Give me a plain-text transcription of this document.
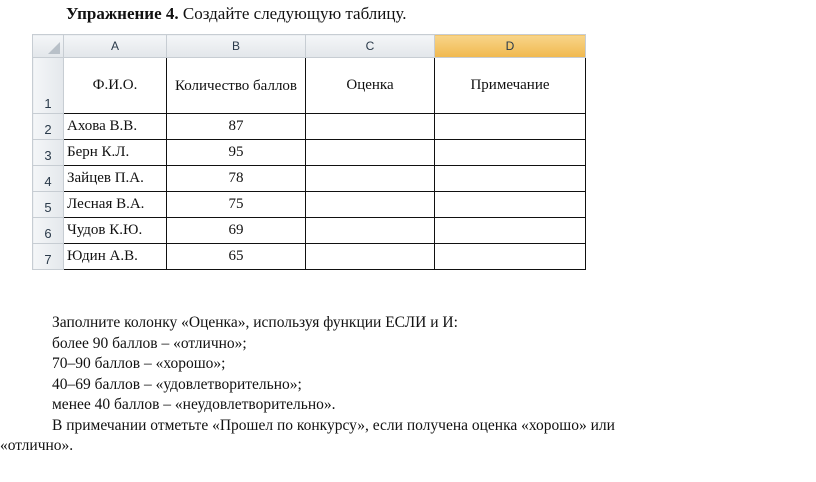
Упражнение 4. Создайте следующую таблицу.
	A	B	C	D
1	Ф.И.О.	Количество баллов	Оценка	Примечание
2	Ахова В.В.	87		
3	Берн К.Л.	95		
4	Зайцев П.А.	78		
5	Лесная В.А.	75		
6	Чудов К.Ю.	69		
7	Юдин А.В.	65		
Заполните колонку «Оценка», используя функции ЕСЛИ и И:
более 90 баллов – «отлично»;
70–90 баллов – «хорошо»;
40–69 баллов – «удовлетворительно»;
менее 40 баллов – «неудовлетворительно».
В примечании отметьте «Прошел по конкурсу», если получена оценка «хорошо» или
«отлично».
